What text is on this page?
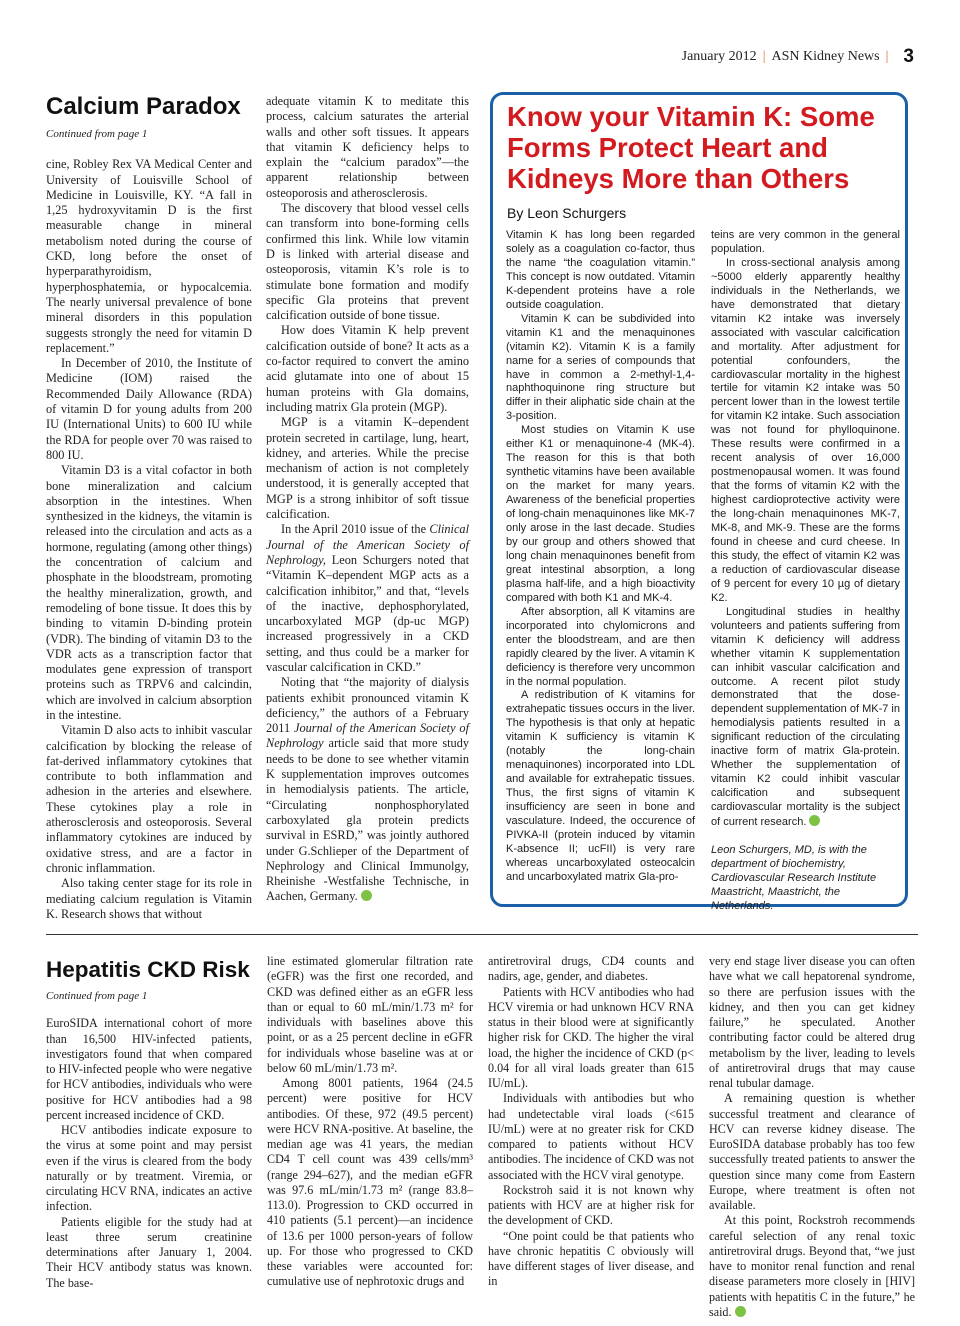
January 2012 | ASN Kidney News | 3
Calcium Paradox
Continued from page 1

cine, Robley Rex VA Medical Center and University of Louisville School of Medicine in Louisville, KY. “A fall in 1,25 hydroxyvitamin D is the first measurable change in mineral metabolism noted during the course of CKD, long before the onset of hyperparathyroidism, hyperphosphatemia, or hypocalcemia. The nearly universal prevalence of bone mineral disorders in this population suggests strongly the need for vitamin D replacement.”

In December of 2010, the Institute of Medicine (IOM) raised the Recommended Daily Allowance (RDA) of vitamin D for young adults from 200 IU (International Units) to 600 IU while the RDA for people over 70 was raised to 800 IU.

Vitamin D3 is a vital cofactor in both bone mineralization and calcium absorption in the intestines. When synthesized in the kidneys, the vitamin is released into the circulation and acts as a hormone, regulating (among other things) the concentration of calcium and phosphate in the bloodstream, promoting the healthy mineralization, growth, and remodeling of bone tissue. It does this by binding to vitamin D-binding protein (VDR). The binding of vitamin D3 to the VDR acts as a transcription factor that modulates gene expression of transport proteins such as TRPV6 and calcindin, which are involved in calcium absorption in the intestine.

Vitamin D also acts to inhibit vascular calcification by blocking the release of fat-derived inflammatory cytokines that contribute to both inflammation and adhesion in the arteries and elsewhere. These cytokines play a role in atherosclerosis and osteoporosis. Several inflammatory cytokines are induced by oxidative stress, and are a factor in chronic inflammation.

Also taking center stage for its role in mediating calcium regulation is Vitamin K. Research shows that without

adequate vitamin K to meditate this process, calcium saturates the arterial walls and other soft tissues. It appears that vitamin K deficiency helps to explain the “calcium paradox”—the apparent relationship between osteoporosis and atherosclerosis.

The discovery that blood vessel cells can transform into bone-forming cells confirmed this link. While low vitamin D is linked with arterial disease and osteoporosis, vitamin K’s role is to stimulate bone formation and modify specific Gla proteins that prevent calcification outside of bone tissue.

How does Vitamin K help prevent calcification outside of bone? It acts as a co-factor required to convert the amino acid glutamate into one of about 15 human proteins with Gla domains, including matrix Gla protein (MGP).

MGP is a vitamin K–dependent protein secreted in cartilage, lung, heart, kidney, and arteries. While the precise mechanism of action is not completely understood, it is generally accepted that MGP is a strong inhibitor of soft tissue calcification.

In the April 2010 issue of the Clinical Journal of the American Society of Nephrology, Leon Schurgers noted that “Vitamin K–dependent MGP acts as a calcification inhibitor,” and that, “levels of the inactive, dephosphorylated, uncarboxylated MGP (dp-uc MGP) increased progressively in a CKD setting, and thus could be a marker for vascular calcification in CKD.”

Noting that “the majority of dialysis patients exhibit pronounced vitamin K deficiency,” the authors of a February 2011 Journal of the American Society of Nephrology article said that more study needs to be done to see whether vitamin K supplementation improves outcomes in hemodialysis patients. The article, “Circulating nonphosphorylated carboxylated gla protein predicts survival in ESRD,” was jointly authored under G.Schlieper of the Department of Nephrology and Clinical Immunolgy, Rheinishe -Westfalishe Technische, in Aachen, Germany.

Know your Vitamin K: Some Forms Protect Heart and Kidneys More than Others
By Leon Schurgers

Vitamin K has long been regarded solely as a coagulation co-factor, thus the name “the coagulation vitamin.” This concept is now outdated. Vitamin K-dependent proteins have a role outside coagulation.

Vitamin K can be subdivided into vitamin K1 and the menaquinones (vitamin K2). Vitamin K is a family name for a series of compounds that have in common a 2-methyl-1,4-naphthoquinone ring structure but differ in their aliphatic side chain at the 3-position.

Most studies on Vitamin K use either K1 or menaquinone-4 (MK-4). The reason for this is that both synthetic vitamins have been available on the market for many years. Awareness of the beneficial properties of long-chain menaquinones like MK-7 only arose in the last decade. Studies by our group and others showed that long chain menaquinones benefit from great intestinal absorption, a long plasma half-life, and a high bioactivity compared with both K1 and MK-4.

After absorption, all K vitamins are incorporated into chylomicrons and enter the bloodstream, and are then rapidly cleared by the liver. A vitamin K deficiency is therefore very uncommon in the normal population.

A redistribution of K vitamins for extrahepatic tissues occurs in the liver. The hypothesis is that only at hepatic vitamin K sufficiency is vitamin K (notably the long-chain menaquinones) incorporated into LDL and available for extrahepatic tissues. Thus, the first signs of vitamin K insufficiency are seen in bone and vasculature. Indeed, the occurence of PIVKA-II (protein induced by vitamin K-absence II; ucFII) is very rare whereas uncarboxylated osteocalcin and uncarboxylated matrix Gla-pro-

teins are very common in the general population.

In cross-sectional analysis among ~5000 elderly apparently healthy individuals in the Netherlands, we have demonstrated that dietary vitamin K2 intake was inversely associated with vascular calcification and mortality. After adjustment for potential confounders, the cardiovascular mortality in the highest tertile for vitamin K2 intake was 50 percent lower than in the lowest tertile for vitamin K2 intake. Such association was not found for phylloquinone. These results were confirmed in a recent analysis of over 16,000 postmenopausal women. It was found that the forms of vitamin K2 with the highest cardioprotective activity were the long-chain menaquinones MK-7, MK-8, and MK-9. These are the forms found in cheese and curd cheese. In this study, the effect of vitamin K2 was a reduction of cardiovascular disease of 9 percent for every 10 µg of dietary K2.

Longitudinal studies in healthy volunteers and patients suffering from vitamin K deficiency will address whether vitamin K supplementation can inhibit vascular calcification and outcome. A recent pilot study demonstrated that the dose-dependent supplementation of MK-7 in hemodialysis patients resulted in a significant reduction of the circulating inactive form of matrix Gla-protein. Whether the supplementation of vitamin K2 could inhibit vascular calcification and subsequent cardiovascular mortality is the subject of current research.

Leon Schurgers, MD, is with the department of biochemistry, Cardiovascular Research Institute Maastricht, Maastricht, the Netherlands.

Hepatitis CKD Risk
Continued from page 1

EuroSIDA international cohort of more than 16,500 HIV-infected patients, investigators found that when compared to HIV-infected people who were negative for HCV antibodies, individuals who were positive for HCV antibodies had a 98 percent increased incidence of CKD.

HCV antibodies indicate exposure to the virus at some point and may persist even if the virus is cleared from the body naturally or by treatment. Viremia, or circulating HCV RNA, indicates an active infection.

Patients eligible for the study had at least three serum creatinine determinations after January 1, 2004. Their HCV antibody status was known. The base-

line estimated glomerular filtration rate (eGFR) was the first one recorded, and CKD was defined either as an eGFR less than or equal to 60 mL/min/1.73 m² for individuals with baselines above this point, or as a 25 percent decline in eGFR for individuals whose baseline was at or below 60 mL/min/1.73 m².

Among 8001 patients, 1964 (24.5 percent) were positive for HCV antibodies. Of these, 972 (49.5 percent) were HCV RNA-positive. At baseline, the median age was 41 years, the median CD4 T cell count was 439 cells/mm³ (range 294–627), and the median eGFR was 97.6 mL/min/1.73 m² (range 83.8–113.0). Progression to CKD occurred in 410 patients (5.1 percent)—an incidence of 13.6 per 1000 person-years of follow up. For those who progressed to CKD these variables were accounted for: cumulative use of nephrotoxic drugs and

antiretroviral drugs, CD4 counts and nadirs, age, gender, and diabetes.

Patients with HCV antibodies who had HCV viremia or had unknown HCV RNA status in their blood were at significantly higher risk for CKD. The higher the viral load, the higher the incidence of CKD (p< 0.04 for all viral loads greater than 615 IU/mL).

Individuals with antibodies but who had undetectable viral loads (<615 IU/mL) were at no greater risk for CKD compared to patients without HCV antibodies. The incidence of CKD was not associated with the HCV viral genotype.

Rockstroh said it is not known why patients with HCV are at higher risk for the development of CKD.

“One point could be that patients who have chronic hepatitis C obviously will have different stages of liver disease, and in

very end stage liver disease you can often have what we call hepatorenal syndrome, so there are perfusion issues with the kidney, and then you can get kidney failure,” he speculated. Another contributing factor could be altered drug metabolism by the liver, leading to levels of antiretroviral drugs that may cause renal tubular damage.

A remaining question is whether successful treatment and clearance of HCV can reverse kidney disease. The EuroSIDA database probably has too few successfully treated patients to answer the question since many come from Eastern Europe, where treatment is often not available.

At this point, Rockstroh recommends careful selection of any renal toxic antiretroviral drugs. Beyond that, “we just have to monitor renal function and renal disease parameters more closely in [HIV] patients with hepatitis C in the future,” he said.
